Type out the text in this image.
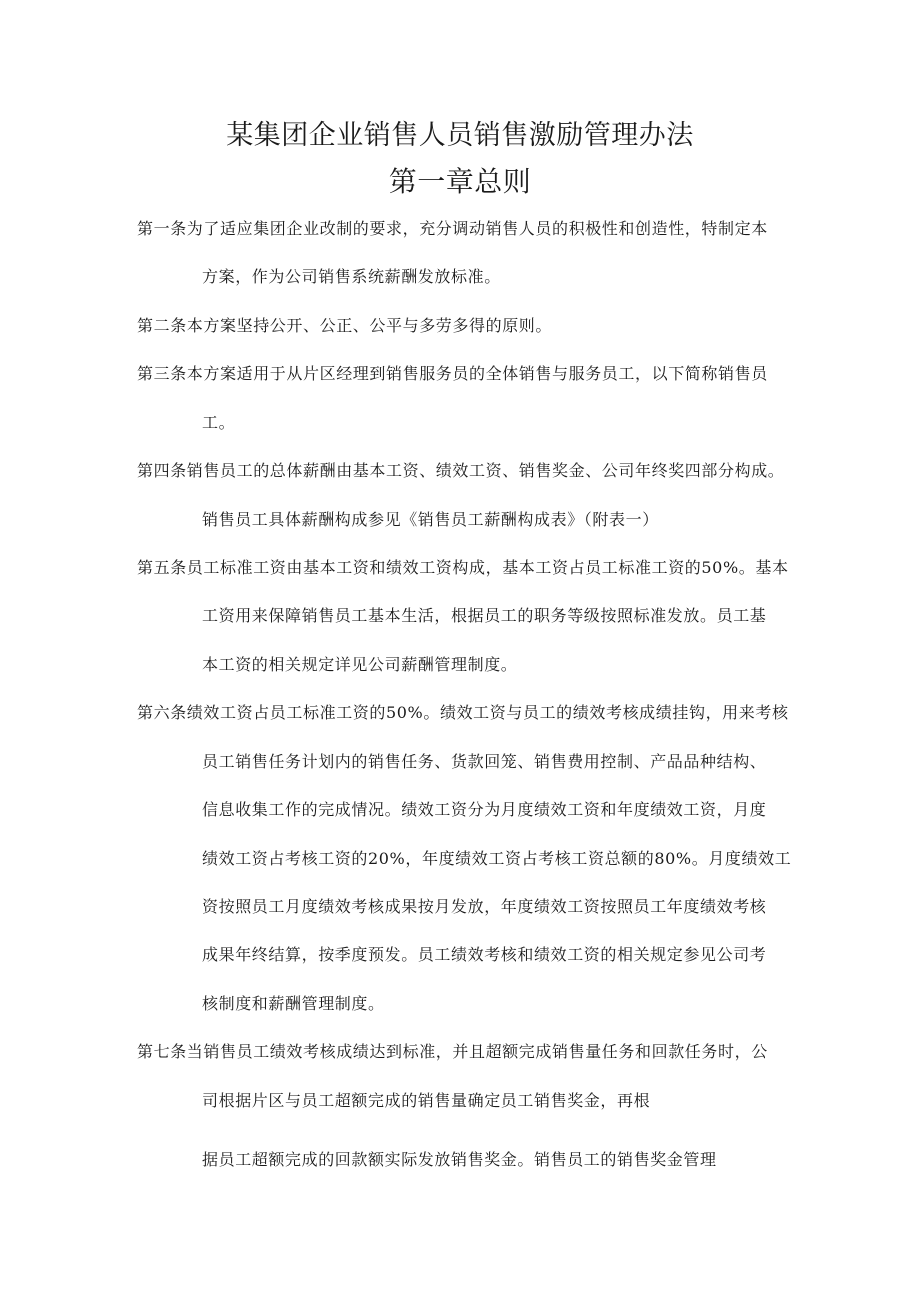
某集团企业销售人员销售激励管理办法
第一章总则
第一条为了适应集团企业改制的要求，充分调动销售人员的积极性和创造性，特制定本
方案，作为公司销售系统薪酬发放标准。
第二条本方案坚持公开、公正、公平与多劳多得的原则。
第三条本方案适用于从片区经理到销售服务员的全体销售与服务员工，以下简称销售员
工。
第四条销售员工的总体薪酬由基本工资、绩效工资、销售奖金、公司年终奖四部分构成。
销售员工具体薪酬构成参见《销售员工薪酬构成表》（附表一）
第五条员工标准工资由基本工资和绩效工资构成，基本工资占员工标准工资的50%。基本
工资用来保障销售员工基本生活，根据员工的职务等级按照标准发放。员工基
本工资的相关规定详见公司薪酬管理制度。
第六条绩效工资占员工标准工资的50%。绩效工资与员工的绩效考核成绩挂钩，用来考核
员工销售任务计划内的销售任务、货款回笼、销售费用控制、产品品种结构、
信息收集工作的完成情况。绩效工资分为月度绩效工资和年度绩效工资，月度
绩效工资占考核工资的20%，年度绩效工资占考核工资总额的80%。月度绩效工
资按照员工月度绩效考核成果按月发放，年度绩效工资按照员工年度绩效考核
成果年终结算，按季度预发。员工绩效考核和绩效工资的相关规定参见公司考
核制度和薪酬管理制度。
第七条当销售员工绩效考核成绩达到标准，并且超额完成销售量任务和回款任务时，公
司根据片区与员工超额完成的销售量确定员工销售奖金，再根
据员工超额完成的回款额实际发放销售奖金。销售员工的销售奖金管理
